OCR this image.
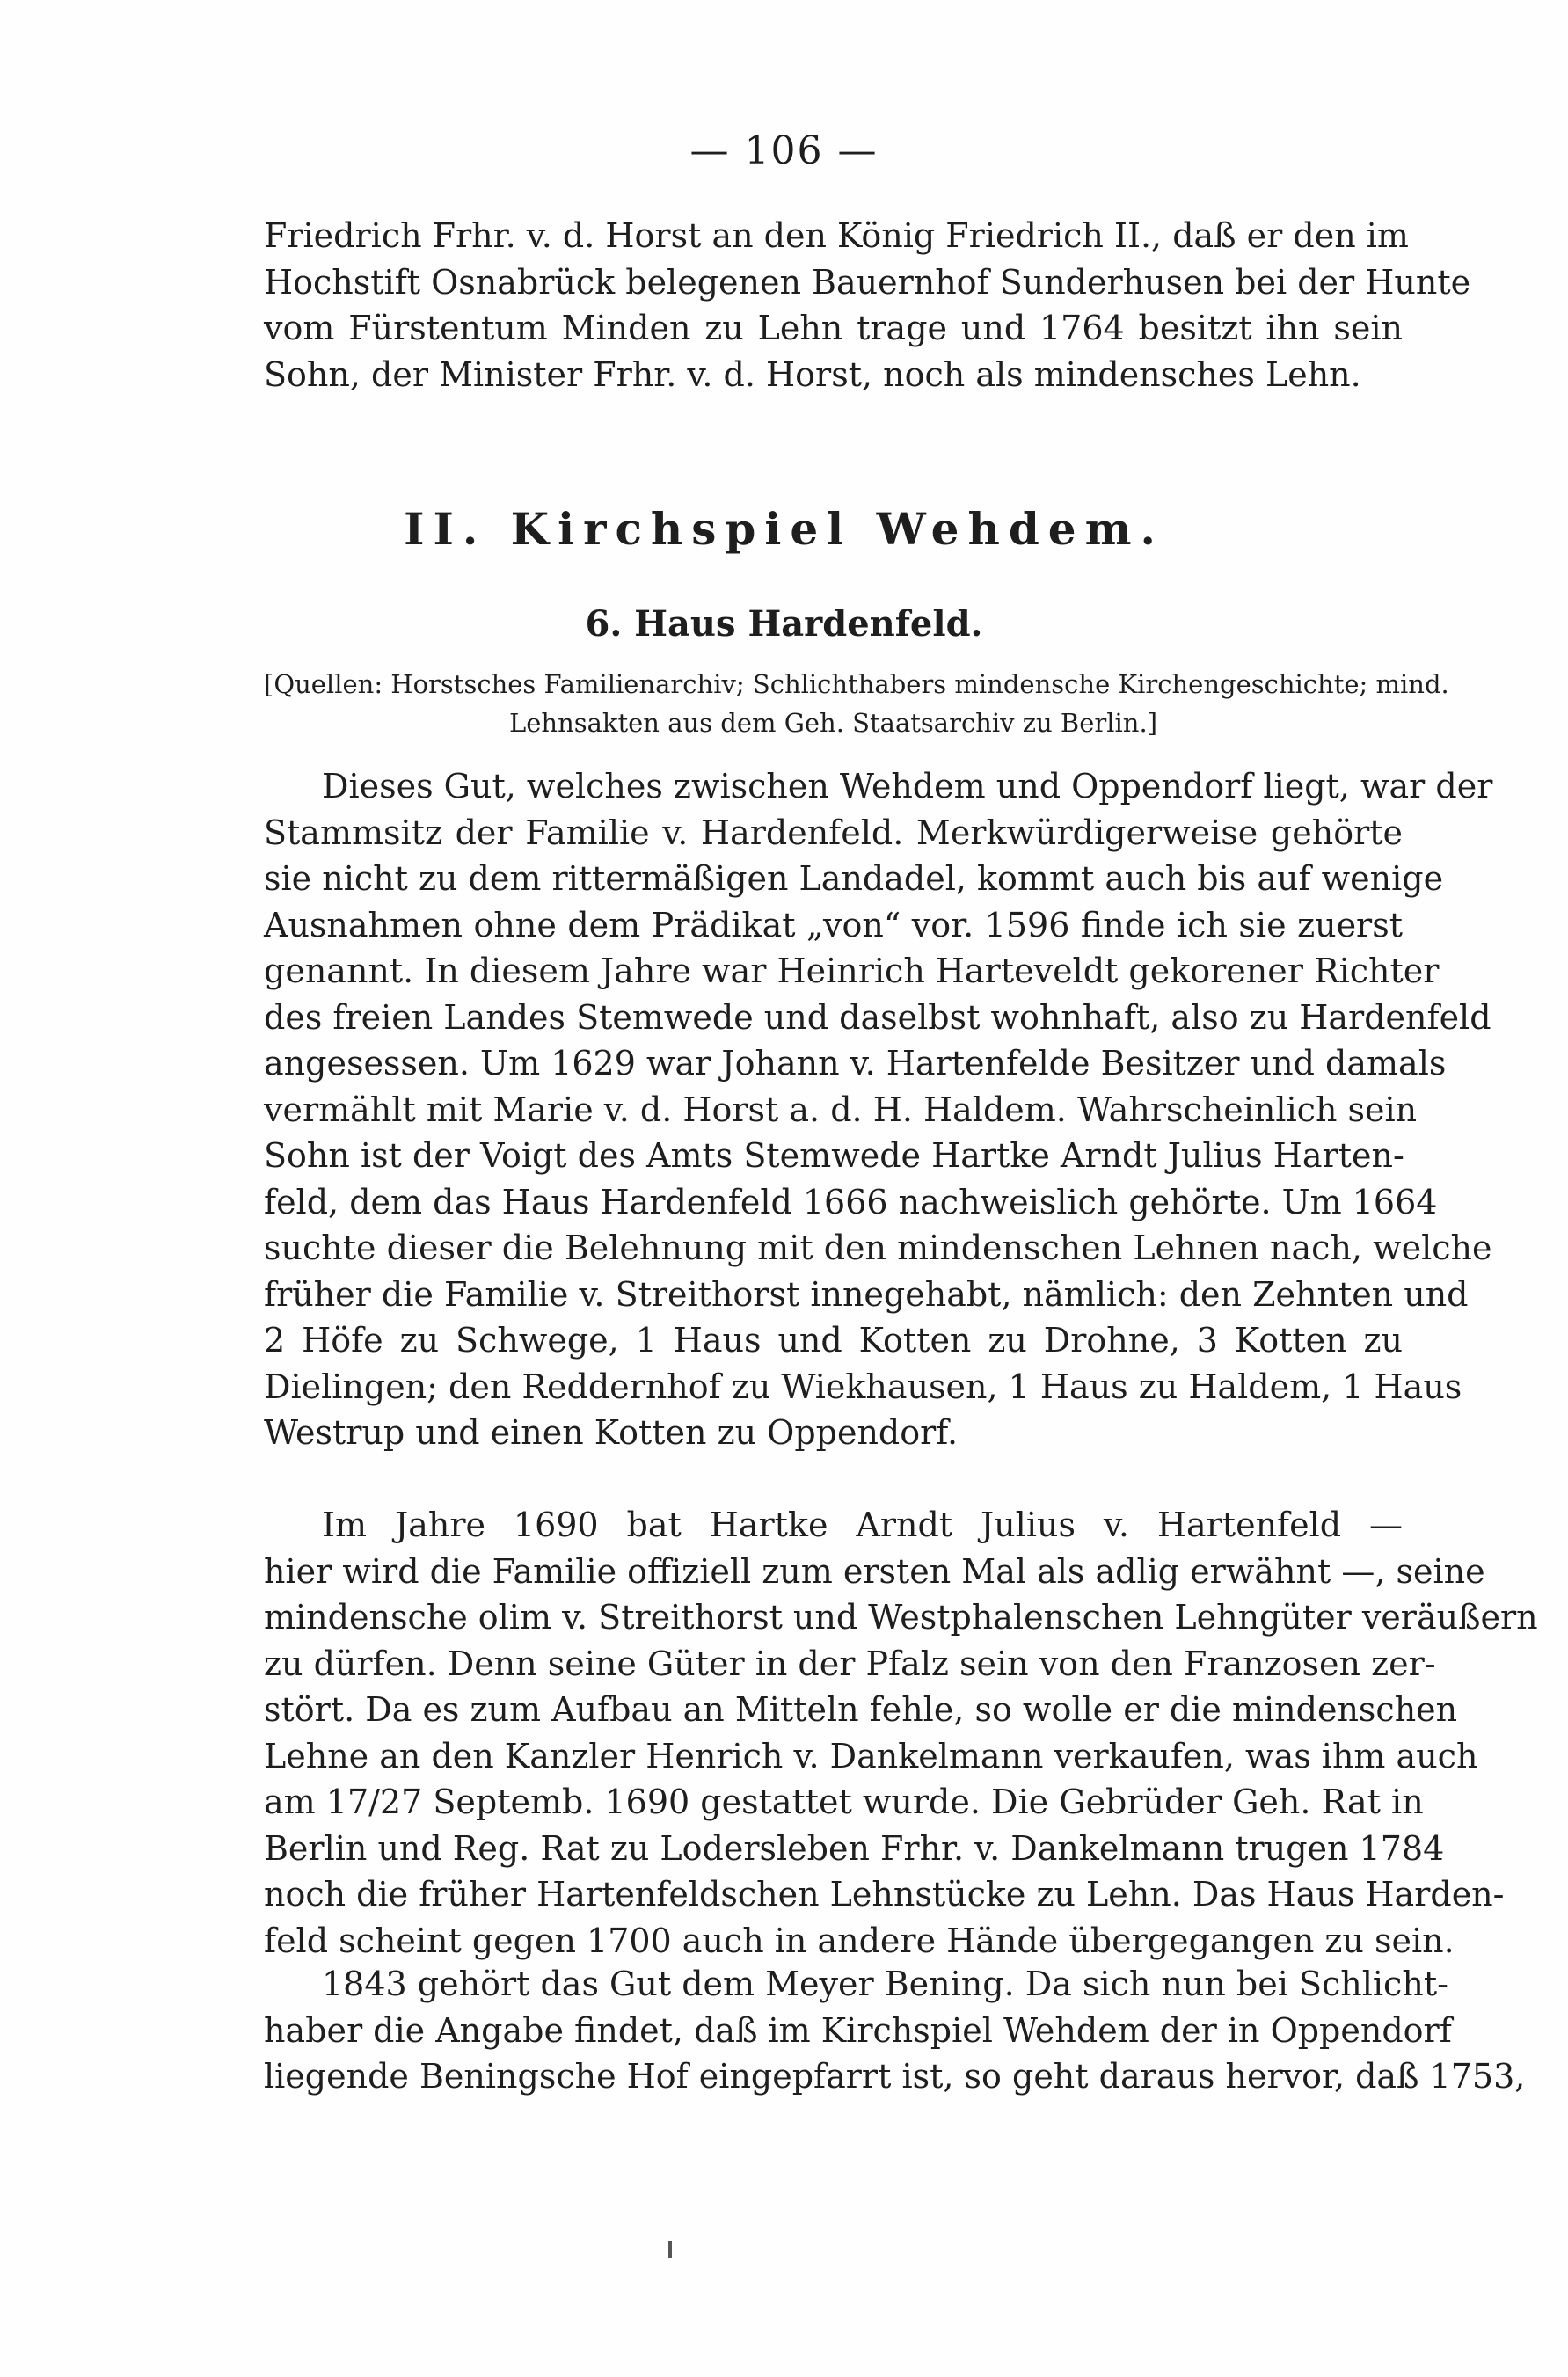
— 106 —
Friedrich Frhr. v. d. Horst an den König Friedrich II., daß er den im
Hochstift Osnabrück belegenen Bauernhof Sunderhusen bei der Hunte
vom Fürstentum Minden zu Lehn trage und 1764 besitzt ihn sein
Sohn, der Minister Frhr. v. d. Horst, noch als mindensches Lehn.
II. Kirchspiel Wehdem.
6. Haus Hardenfeld.
[Quellen: Horstsches Familienarchiv; Schlichthabers mindensche Kirchengeschichte; mind.
Lehnsakten aus dem Geh. Staatsarchiv zu Berlin.]
Dieses Gut, welches zwischen Wehdem und Oppendorf liegt, war der
Stammsitz der Familie v. Hardenfeld. Merkwürdigerweise gehörte
sie nicht zu dem rittermäßigen Landadel, kommt auch bis auf wenige
Ausnahmen ohne dem Prädikat „von“ vor. 1596 finde ich sie zuerst
genannt. In diesem Jahre war Heinrich Harteveldt gekorener Richter
des freien Landes Stemwede und daselbst wohnhaft, also zu Hardenfeld
angesessen. Um 1629 war Johann v. Hartenfelde Besitzer und damals
vermählt mit Marie v. d. Horst a. d. H. Haldem. Wahrscheinlich sein
Sohn ist der Voigt des Amts Stemwede Hartke Arndt Julius Harten-
feld, dem das Haus Hardenfeld 1666 nachweislich gehörte. Um 1664
suchte dieser die Belehnung mit den mindenschen Lehnen nach, welche
früher die Familie v. Streithorst innegehabt, nämlich: den Zehnten und
2 Höfe zu Schwege, 1 Haus und Kotten zu Drohne, 3 Kotten zu
Dielingen; den Reddernhof zu Wiekhausen, 1 Haus zu Haldem, 1 Haus
Westrup und einen Kotten zu Oppendorf.
Im Jahre 1690 bat Hartke Arndt Julius v. Hartenfeld —
hier wird die Familie offiziell zum ersten Mal als adlig erwähnt —, seine
mindensche olim v. Streithorst und Westphalenschen Lehngüter veräußern
zu dürfen. Denn seine Güter in der Pfalz sein von den Franzosen zer-
stört. Da es zum Aufbau an Mitteln fehle, so wolle er die mindenschen
Lehne an den Kanzler Henrich v. Dankelmann verkaufen, was ihm auch
am 17/27 Septemb. 1690 gestattet wurde. Die Gebrüder Geh. Rat in
Berlin und Reg. Rat zu Lodersleben Frhr. v. Dankelmann trugen 1784
noch die früher Hartenfeldschen Lehnstücke zu Lehn. Das Haus Harden-
feld scheint gegen 1700 auch in andere Hände übergegangen zu sein.
1843 gehört das Gut dem Meyer Bening. Da sich nun bei Schlicht-
haber die Angabe findet, daß im Kirchspiel Wehdem der in Oppendorf
liegende Beningsche Hof eingepfarrt ist, so geht daraus hervor, daß 1753,
